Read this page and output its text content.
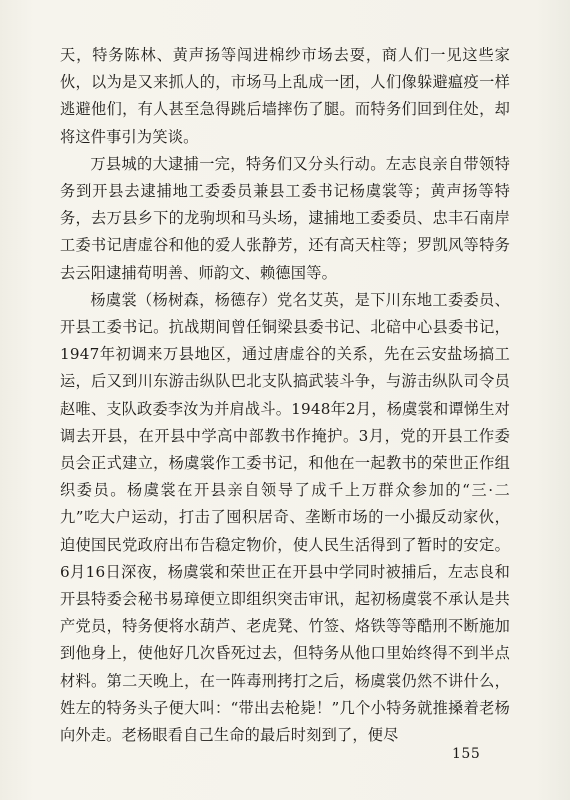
天，特务陈林、黄声扬等闯进棉纱市场去耍，商人们一见这些家伙，以为是又来抓人的，市场马上乱成一团，人们像躲避瘟疫一样逃避他们，有人甚至急得跳后墙摔伤了腿。而特务们回到住处，却将这件事引为笑谈。

万县城的大逮捕一完，特务们又分头行动。左志良亲自带领特务到开县去逮捕地工委委员兼县工委书记杨虞裳等；黄声扬等特务，去万县乡下的龙驹坝和马头场，逮捕地工委委员、忠丰石南岸工委书记唐虚谷和他的爱人张静芳，还有高天柱等；罗凯风等特务去云阳逮捕荀明善、师韵文、赖德国等。

杨虞裳（杨树森，杨德存）党名艾英，是下川东地工委委员、开县工委书记。抗战期间曾任铜梁县委书记、北碚中心县委书记，1947年初调来万县地区，通过唐虚谷的关系，先在云安盐场搞工运，后又到川东游击纵队巴北支队搞武装斗争，与游击纵队司令员赵唯、支队政委李汝为并肩战斗。1948年2月，杨虞裳和谭悌生对调去开县，在开县中学高中部教书作掩护。3月，党的开县工作委员会正式建立，杨虞裳作工委书记，和他在一起教书的荣世正作组织委员。杨虞裳在开县亲自领导了成千上万群众参加的“三·二九”吃大户运动，打击了囤积居奇、垄断市场的一小撮反动家伙，迫使国民党政府出布告稳定物价，使人民生活得到了暂时的安定。6月16日深夜，杨虞裳和荣世正在开县中学同时被捕后，左志良和开县特委会秘书易璋便立即组织突击审讯，起初杨虞裳不承认是共产党员，特务便将水葫芦、老虎凳、竹签、烙铁等等酷刑不断施加到他身上，使他好几次昏死过去，但特务从他口里始终得不到半点材料。第二天晚上，在一阵毒刑拷打之后，杨虞裳仍然不讲什么，姓左的特务头子便大叫：“带出去枪毙！”几个小特务就推搡着老杨向外走。老杨眼看自己生命的最后时刻到了，便尽

155
